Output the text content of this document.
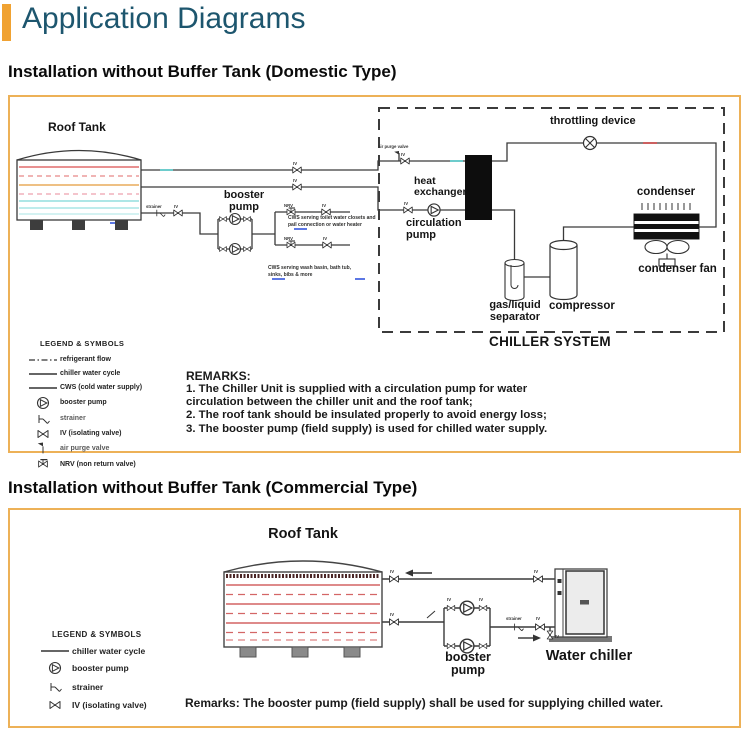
Application Diagrams
Installation without Buffer Tank (Domestic Type)
strainer	IV
IV
IV
IV
IV
NRV	IV
NRV	IV
air purge valve
Roof Tank
booster pump
heat exchanger
circulation pump
throttling device
condenser
condenser fan
gas/liquid separator
compressor
CHILLER SYSTEM
CWS serving toilet water closets and pail connection or water heater
CWS serving wash basin, bath tub, sinks, bibs & more
LEGEND & SYMBOLS
refrigerant flow
chiller water cycle
CWS (cold water supply)
booster pump
strainer
IV (isolating valve)
air purge valve
NRV (non return valve)
REMARKS:
1. The Chiller Unit is supplied with a circulation pump for water
circulation between the chiller unit and the roof tank;
2. The roof tank should be insulated properly to avoid energy loss;
3. The booster pump (field supply) is used for chilled water supply.
Installation without Buffer Tank (Commercial Type)
IV	IV
IV
IV	IV
strainer	IV
IV
Roof Tank
booster pump
Water chiller
LEGEND & SYMBOLS
chiller water cycle
booster pump
strainer
IV (isolating valve)	Remarks: The booster pump (field supply) shall be used for supplying chilled water.
